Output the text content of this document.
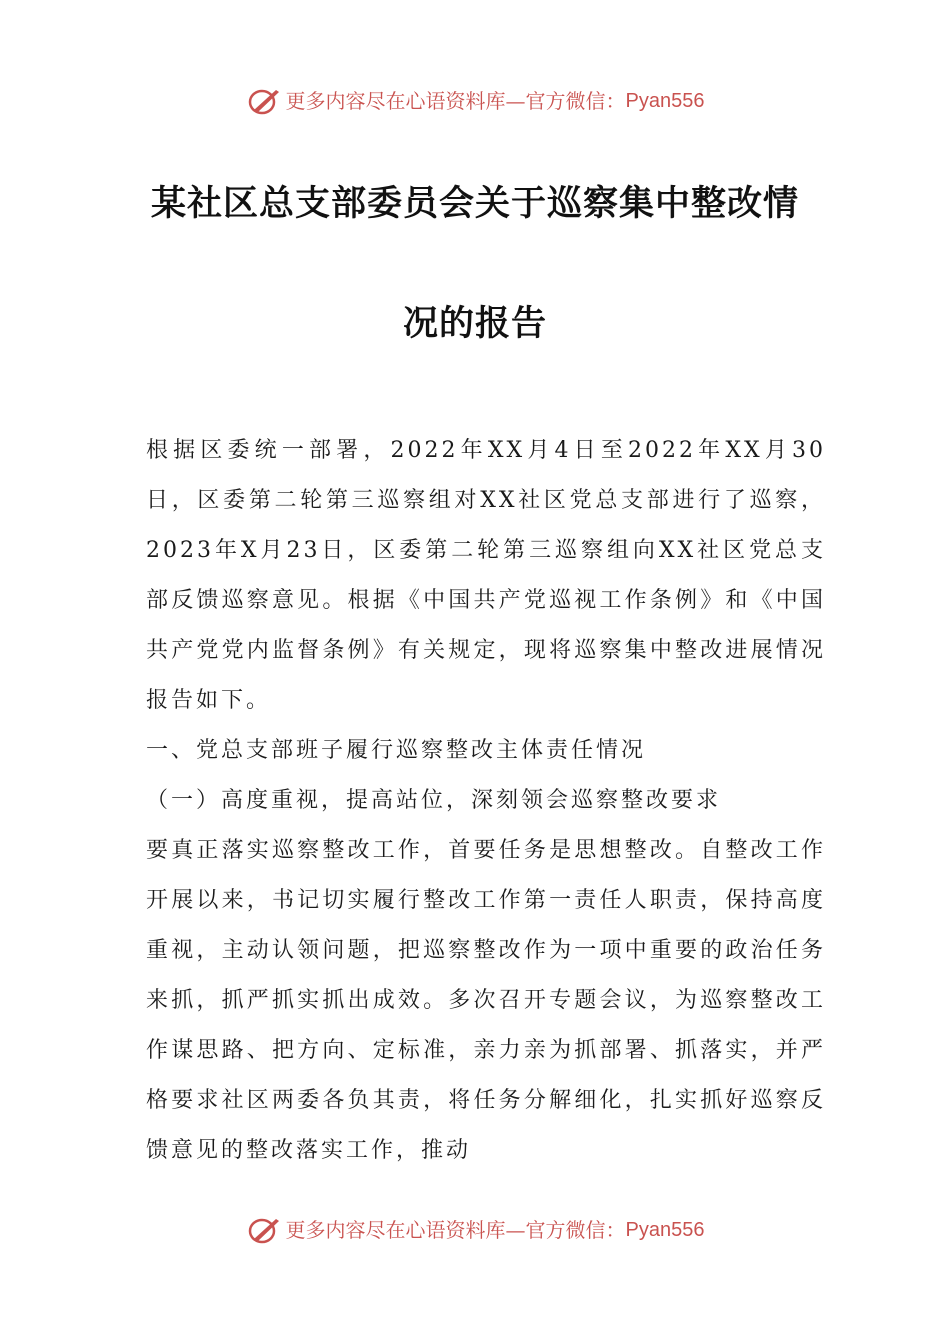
更多内容尽在心语资料库 — 官方微信： Pyan556
某社区总支部委员会关于巡察集中整改情
况的报告

根据区委统一部署，2022年XX月4日至2022年XX月30日，区委第二轮第三巡察组对XX社区党总支部进行了巡察，2023年X月23日，区委第二轮第三巡察组向XX社区党总支部反馈巡察意见。根据《中国共产党巡视工作条例》和《中国共产党党内监督条例》有关规定，现将巡察集中整改进展情况报告如下。

一、党总支部班子履行巡察整改主体责任情况

（一）高度重视，提高站位，深刻领会巡察整改要求

要真正落实巡察整改工作，首要任务是思想整改。自整改工作开展以来，书记切实履行整改工作第一责任人职责，保持高度重视，主动认领问题，把巡察整改作为一项中重要的政治任务来抓，抓严抓实抓出成效。多次召开专题会议，为巡察整改工作谋思路、把方向、定标准，亲力亲为抓部署、抓落实，并严格要求社区两委各负其责，将任务分解细化，扎实抓好巡察反馈意见的整改落实工作，推动

更多内容尽在心语资料库 — 官方微信： Pyan556
